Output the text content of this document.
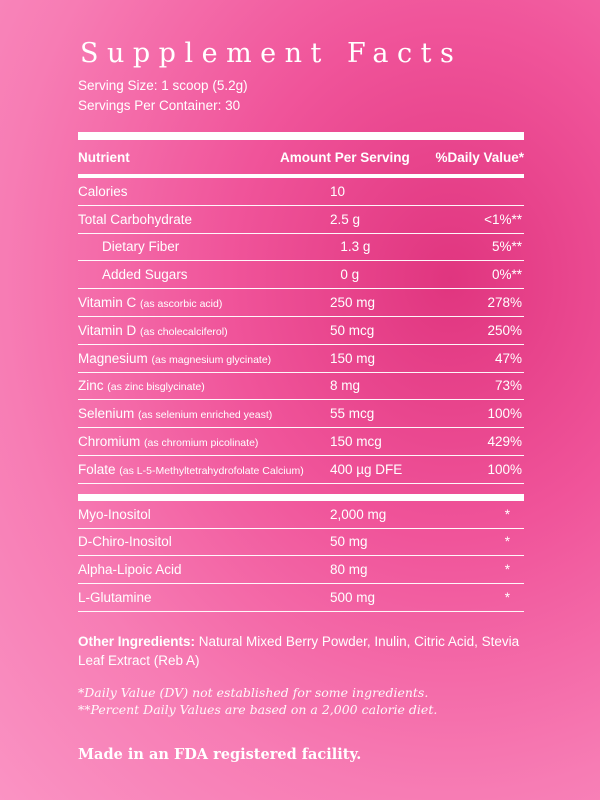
Supplement Facts
Serving Size: 1 scoop (5.2g)
Servings Per Container: 30
Nutrient	Amount Per Serving	%Daily Value*
Calories	10
Total Carbohydrate	2.5 g	<1%**
Dietary Fiber	1.3 g	5%**
Added Sugars	0 g	0%**
Vitamin C (as ascorbic acid)	250 mg	278%
Vitamin D (as cholecalciferol)	50 mcg	250%
Magnesium (as magnesium glycinate)	150 mg	47%
Zinc (as zinc bisglycinate)	8 mg	73%
Selenium (as selenium enriched yeast)	55 mcg	100%
Chromium (as chromium picolinate)	150 mcg	429%
Folate (as L-5-Methyltetrahydrofolate Calcium)	400 µg DFE	100%
Myo-Inositol	2,000 mg	*
D-Chiro-Inositol	50 mg	*
Alpha-Lipoic Acid	80 mg	*
L-Glutamine	500 mg	*
Other Ingredients: Natural Mixed Berry Powder, Inulin, Citric Acid, Stevia Leaf Extract (Reb A)
*Daily Value (DV) not established for some ingredients.
**Percent Daily Values are based on a 2,000 calorie diet.
Made in an FDA registered facility.
